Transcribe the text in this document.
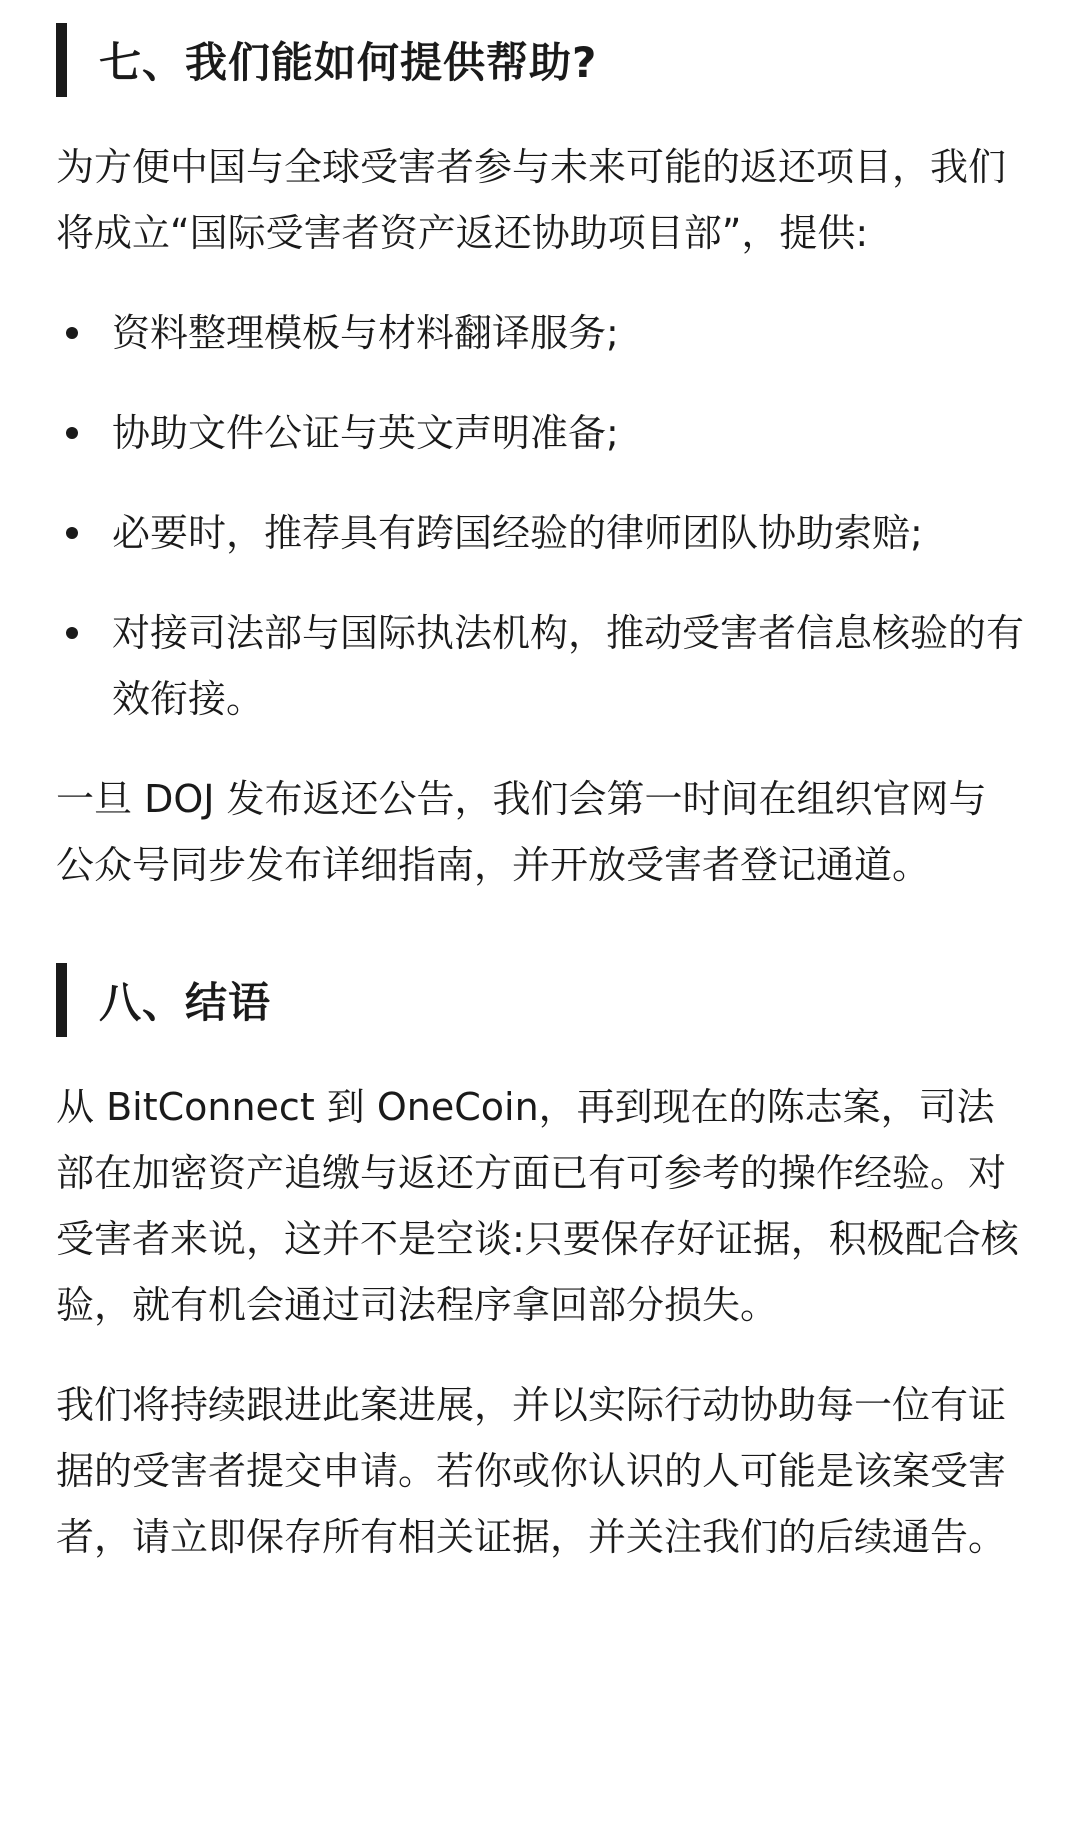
七、我们能如何提供帮助?

为方便中国与全球受害者参与未来可能的返还项目，我们将成立“国际受害者资产返还协助项目部”，提供:

资料整理模板与材料翻译服务;
协助文件公证与英文声明准备;
必要时，推荐具有跨国经验的律师团队协助索赔;
对接司法部与国际执法机构，推动受害者信息核验的有效衔接。

一旦 DOJ 发布返还公告，我们会第一时间在组织官网与公众号同步发布详细指南，并开放受害者登记通道。

八、结语

从 BitConnect 到 OneCoin，再到现在的陈志案，司法部在加密资产追缴与返还方面已有可参考的操作经验。对受害者来说，这并不是空谈:只要保存好证据，积极配合核验，就有机会通过司法程序拿回部分损失。

我们将持续跟进此案进展，并以实际行动协助每一位有证据的受害者提交申请。若你或你认识的人可能是该案受害者，请立即保存所有相关证据，并关注我们的后续通告。
